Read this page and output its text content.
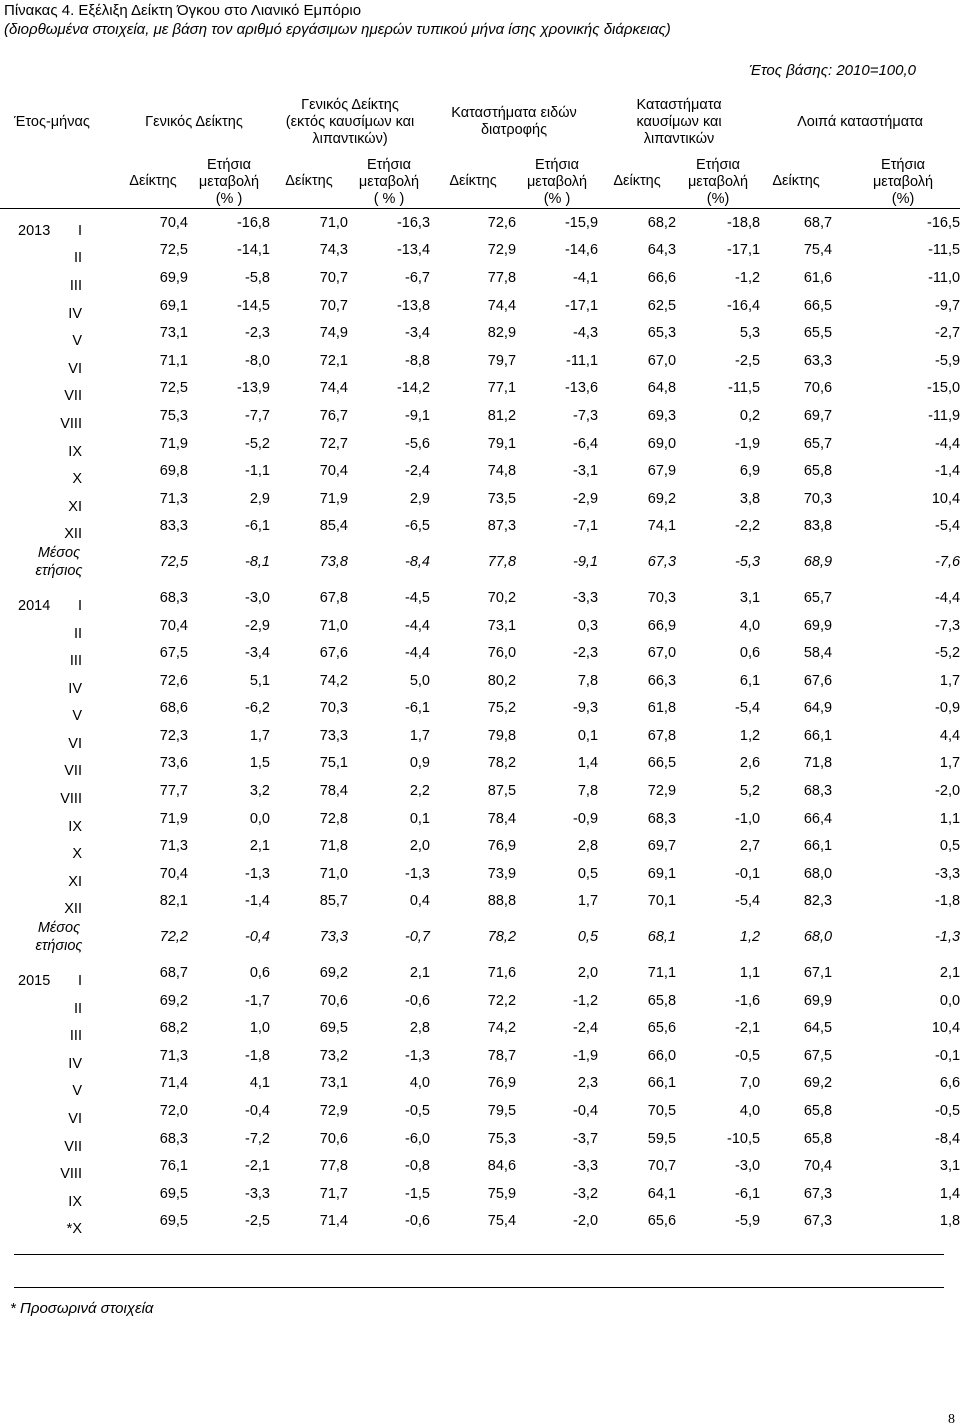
Πίνακας 4. Εξέλιξη Δείκτη Όγκου στο Λιανικό Εμπόριο
(διορθωμένα στοιχεία, με βάση τον αριθμό εργάσιμων ημερών τυπικού μήνα ίσης χρονικής διάρκειας)
Έτος βάσης: 2010=100,0
Έτος-μήνας	Γενικός Δείκτης		Γενικός Δείκτης (εκτός καυσίμων και λιπαντικών)		Καταστήματα ειδών διατροφής		Καταστήματα καυσίμων και λιπαντικών		Λοιπά καταστήματα	
	Δείκτης	Ετήσια μεταβολή (% )	Δείκτης	Ετήσια μεταβολή ( % )	Δείκτης	Ετήσια μεταβολή (% )	Δείκτης	Ετήσια μεταβολή (%)	Δείκτης	Ετήσια μεταβολή (%)

2013 I	70,4	-16,8	71,0	-16,3	72,6	-15,9	68,2	-18,8	68,7	-16,5

II	72,5	-14,1	74,3	-13,4	72,9	-14,6	64,3	-17,1	75,4	-11,5

III	69,9	-5,8	70,7	-6,7	77,8	-4,1	66,6	-1,2	61,6	-11,0

IV	69,1	-14,5	70,7	-13,8	74,4	-17,1	62,5	-16,4	66,5	-9,7

V	73,1	-2,3	74,9	-3,4	82,9	-4,3	65,3	5,3	65,5	-2,7

VI	71,1	-8,0	72,1	-8,8	79,7	-11,1	67,0	-2,5	63,3	-5,9

VII	72,5	-13,9	74,4	-14,2	77,1	-13,6	64,8	-11,5	70,6	-15,0

VIII	75,3	-7,7	76,7	-9,1	81,2	-7,3	69,3	0,2	69,7	-11,9

IX	71,9	-5,2	72,7	-5,6	79,1	-6,4	69,0	-1,9	65,7	-4,4

X	69,8	-1,1	70,4	-2,4	74,8	-3,1	67,9	6,9	65,8	-1,4

XI	71,3	2,9	71,9	2,9	73,5	-2,9	69,2	3,8	70,3	10,4

XII	83,3	-6,1	85,4	-6,5	87,3	-7,1	74,1	-2,2	83,8	-5,4
Μέσος
ετήσιος	72,5	-8,1	73,8	-8,4	77,8	-9,1	67,3	-5,3	68,9	-7,6

2014 I	68,3	-3,0	67,8	-4,5	70,2	-3,3	70,3	3,1	65,7	-4,4

II	70,4	-2,9	71,0	-4,4	73,1	0,3	66,9	4,0	69,9	-7,3

III	67,5	-3,4	67,6	-4,4	76,0	-2,3	67,0	0,6	58,4	-5,2

IV	72,6	5,1	74,2	5,0	80,2	7,8	66,3	6,1	67,6	1,7

V	68,6	-6,2	70,3	-6,1	75,2	-9,3	61,8	-5,4	64,9	-0,9

VI	72,3	1,7	73,3	1,7	79,8	0,1	67,8	1,2	66,1	4,4

VII	73,6	1,5	75,1	0,9	78,2	1,4	66,5	2,6	71,8	1,7

VIII	77,7	3,2	78,4	2,2	87,5	7,8	72,9	5,2	68,3	-2,0

IX	71,9	0,0	72,8	0,1	78,4	-0,9	68,3	-1,0	66,4	1,1

X	71,3	2,1	71,8	2,0	76,9	2,8	69,7	2,7	66,1	0,5

XI	70,4	-1,3	71,0	-1,3	73,9	0,5	69,1	-0,1	68,0	-3,3

XII	82,1	-1,4	85,7	0,4	88,8	1,7	70,1	-5,4	82,3	-1,8
Μέσος
ετήσιος	72,2	-0,4	73,3	-0,7	78,2	0,5	68,1	1,2	68,0	-1,3

2015 I	68,7	0,6	69,2	2,1	71,6	2,0	71,1	1,1	67,1	2,1

II	69,2	-1,7	70,6	-0,6	72,2	-1,2	65,8	-1,6	69,9	0,0

III	68,2	1,0	69,5	2,8	74,2	-2,4	65,6	-2,1	64,5	10,4

IV	71,3	-1,8	73,2	-1,3	78,7	-1,9	66,0	-0,5	67,5	-0,1

V	71,4	4,1	73,1	4,0	76,9	2,3	66,1	7,0	69,2	6,6

VI	72,0	-0,4	72,9	-0,5	79,5	-0,4	70,5	4,0	65,8	-0,5

VII	68,3	-7,2	70,6	-6,0	75,3	-3,7	59,5	-10,5	65,8	-8,4

VIII	76,1	-2,1	77,8	-0,8	84,6	-3,3	70,7	-3,0	70,4	3,1

IX	69,5	-3,3	71,7	-1,5	75,9	-3,2	64,1	-6,1	67,3	1,4

*X	69,5	-2,5	71,4	-0,6	75,4	-2,0	65,6	-5,9	67,3	1,8
* Προσωρινά στοιχεία
8
